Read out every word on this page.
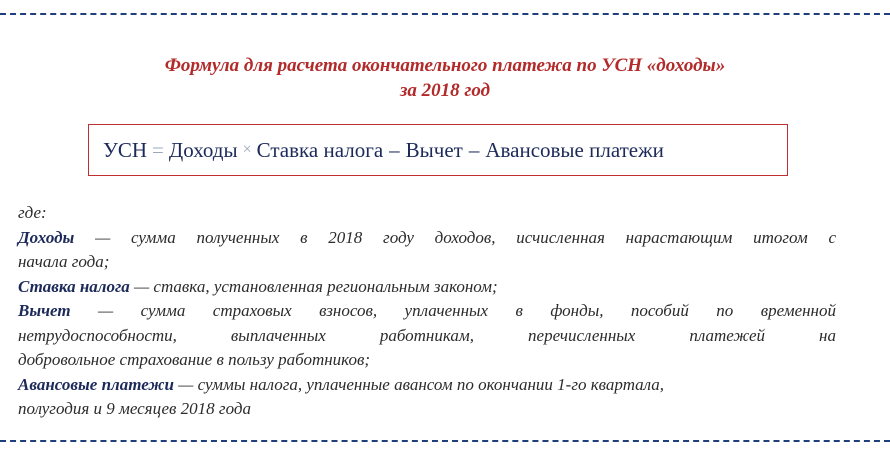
Формула для расчета окончательного платежа по УСН «доходы»
за 2018 год
УСН = Доходы × Ставка налога – Вычет – Авансовые платежи
где:
Доходы — сумма полученных в 2018 году доходов, исчисленная нарастающим итогом с
начала года;
Ставка налога — ставка, установленная региональным законом;
Вычет — сумма страховых взносов, уплаченных в фонды, пособий по временной
нетрудоспособности, выплаченных работникам, перечисленных платежей на
добровольное страхование в пользу работников;
Авансовые платежи — суммы налога, уплаченные авансом по окончании 1-го квартала,
полугодия и 9 месяцев 2018 года
